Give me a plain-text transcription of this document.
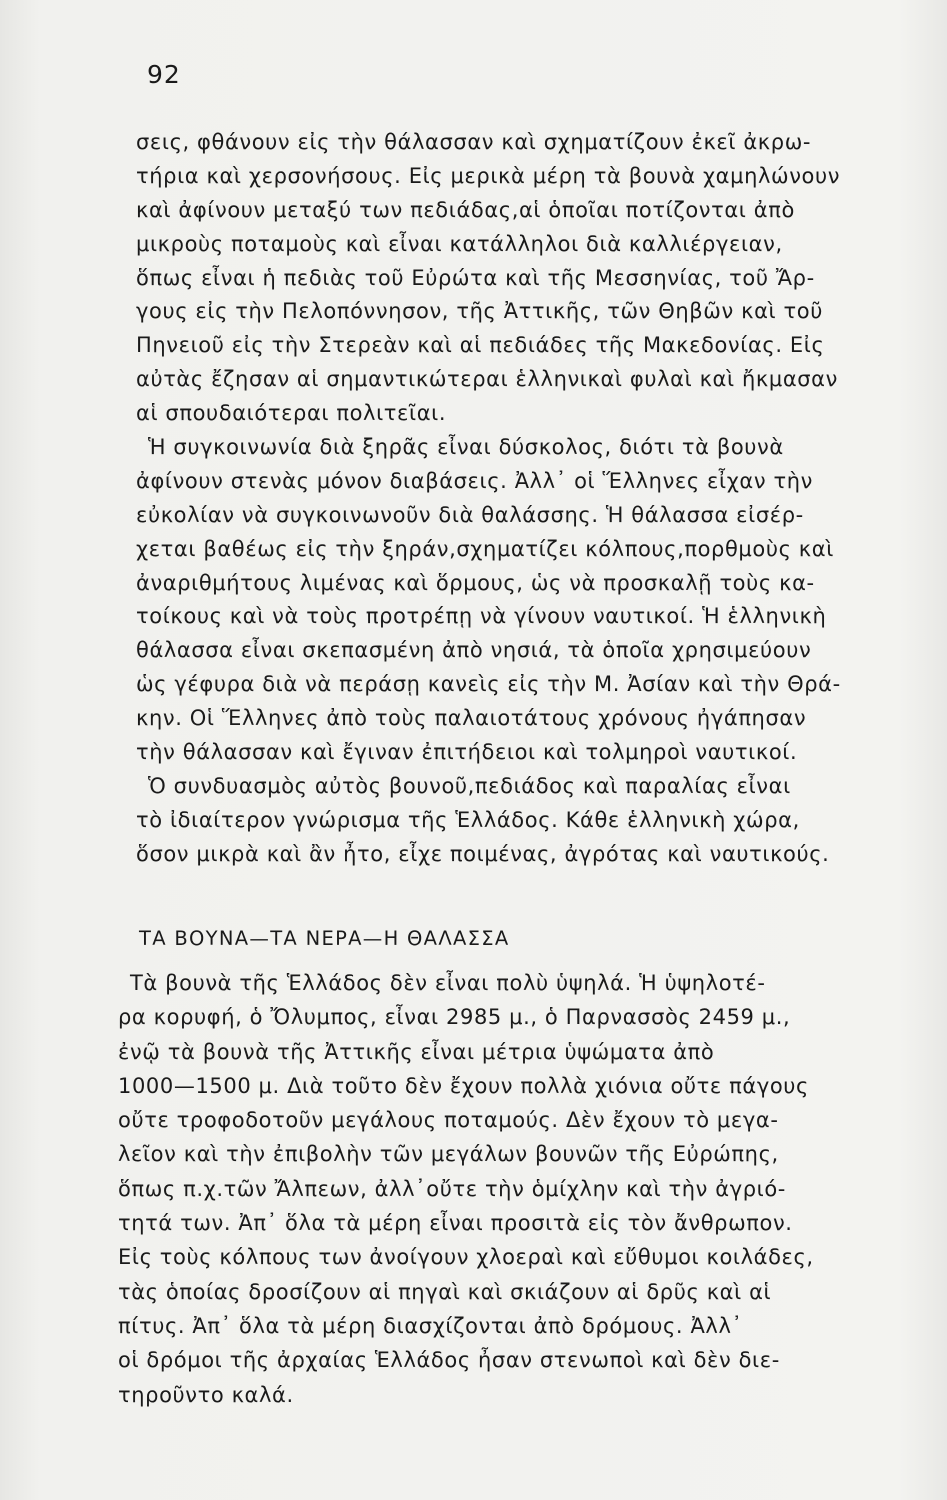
92
σεις, φθάνουν εἰς τὴν θάλασσαν καὶ σχηματίζουν ἐκεῖ ἀκρω-
τήρια καὶ χερσονήσους. Εἰς μερικὰ μέρη τὰ βουνὰ χαμηλώνουν
καὶ ἀφίνουν μεταξύ των πεδιάδας,αἱ ὁποῖαι ποτίζονται ἀπὸ
μικροὺς ποταμοὺς καὶ εἶναι κατάλληλοι διὰ καλλιέργειαν,
ὅπως εἶναι ἡ πεδιὰς τοῦ Εὐρώτα καὶ τῆς Μεσσηνίας, τοῦ Ἄρ-
γους εἰς τὴν Πελοπόννησον, τῆς Ἀττικῆς, τῶν Θηβῶν καὶ τοῦ
Πηνειοῦ εἰς τὴν Στερεὰν καὶ αἱ πεδιάδες τῆς Μακεδονίας. Εἰς
αὐτὰς ἔζησαν αἱ σημαντικώτεραι ἑλληνικαὶ φυλαὶ καὶ ἤκμασαν
αἱ σπουδαιότεραι πολιτεῖαι.
Ἡ συγκοινωνία διὰ ξηρᾶς εἶναι δύσκολος, διότι τὰ βουνὰ
ἀφίνουν στενὰς μόνον διαβάσεις. Ἀλλ᾽ οἱ Ἕλληνες εἶχαν τὴν
εὐκολίαν νὰ συγκοινωνοῦν διὰ θαλάσσης. Ἡ θάλασσα εἰσέρ-
χεται βαθέως εἰς τὴν ξηράν,σχηματίζει κόλπους,πορθμοὺς καὶ
ἀναριθμήτους λιμένας καὶ ὅρμους, ὡς νὰ προσκαλῇ τοὺς κα-
τοίκους καὶ νὰ τοὺς προτρέπῃ νὰ γίνουν ναυτικοί. Ἡ ἑλληνικὴ
θάλασσα εἶναι σκεπασμένη ἀπὸ νησιά, τὰ ὁποῖα χρησιμεύουν
ὡς γέφυρα διὰ νὰ περάσῃ κανεὶς εἰς τὴν Μ. Ἀσίαν καὶ τὴν Θρά-
κην. Οἱ Ἕλληνες ἀπὸ τοὺς παλαιοτάτους χρόνους ἠγάπησαν
τὴν θάλασσαν καὶ ἔγιναν ἐπιτήδειοι καὶ τολμηροὶ ναυτικοί.
Ὁ συνδυασμὸς αὐτὸς βουνοῦ,πεδιάδος καὶ παραλίας εἶναι
τὸ ἰδιαίτερον γνώρισμα τῆς Ἑλλάδος. Κάθε ἑλληνικὴ χώρα,
ὅσον μικρὰ καὶ ἂν ἦτο, εἶχε ποιμένας, ἀγρότας καὶ ναυτικούς.
ΤΑ ΒΟΥΝΑ—ΤΑ ΝΕΡΑ—Η ΘΑΛΑΣΣΑ
Τὰ βουνὰ τῆς Ἑλλάδος δὲν εἶναι πολὺ ὑψηλά. Ἡ ὑψηλοτέ-
ρα κορυφή, ὁ Ὄλυμπος, εἶναι 2985 μ., ὁ Παρνασσὸς 2459 μ.,
ἐνῷ τὰ βουνὰ τῆς Ἀττικῆς εἶναι μέτρια ὑψώματα ἀπὸ
1000—1500 μ. Διὰ τοῦτο δὲν ἔχουν πολλὰ χιόνια οὔτε πάγους
οὔτε τροφοδοτοῦν μεγάλους ποταμούς. Δὲν ἔχουν τὸ μεγα-
λεῖον καὶ τὴν ἐπιβολὴν τῶν μεγάλων βουνῶν τῆς Εὐρώπης,
ὅπως π.χ.τῶν Ἄλπεων, ἀλλ᾽οὔτε τὴν ὁμίχλην καὶ τὴν ἀγριό-
τητά των. Ἀπ᾽ ὅλα τὰ μέρη εἶναι προσιτὰ εἰς τὸν ἄνθρωπον.
Εἰς τοὺς κόλπους των ἀνοίγουν χλοεραὶ καὶ εὔθυμοι κοιλάδες,
τὰς ὁποίας δροσίζουν αἱ πηγαὶ καὶ σκιάζουν αἱ δρῦς καὶ αἱ
πίτυς. Ἀπ᾽ ὅλα τὰ μέρη διασχίζονται ἀπὸ δρόμους. Ἀλλ᾽
οἱ δρόμοι τῆς ἀρχαίας Ἑλλάδος ἦσαν στενωποὶ καὶ δὲν διε-
τηροῦντο καλά.
